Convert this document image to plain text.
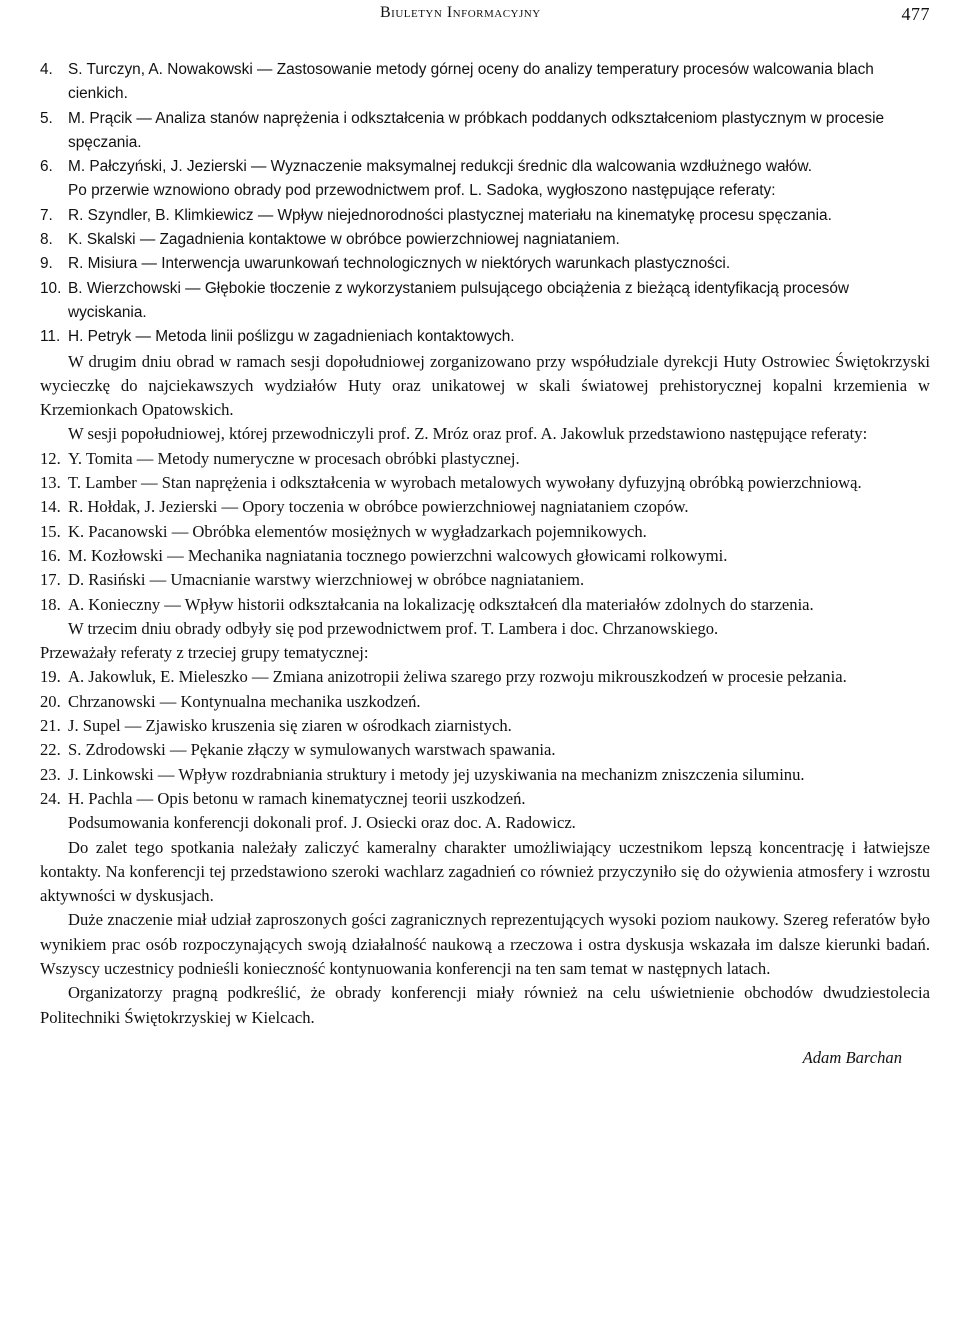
Biuletyn Informacyjny	477
4. S. Turczyn, A. Nowakowski — Zastosowanie metody górnej oceny do analizy temperatury procesów walcowania blach cienkich.
5. M. Prącik — Analiza stanów naprężenia i odkształcenia w próbkach poddanych odkształceniom plastycznym w procesie spęczania.
6. M. Pałczyński, J. Jezierski — Wyznaczenie maksymalnej redukcji średnic dla walcowania wzdłużnego wałów.
Po przerwie wznowiono obrady pod przewodnictwem prof. L. Sadoka, wygłoszono następujące referaty:
7. R. Szyndler, B. Klimkiewicz — Wpływ niejednorodności plastycznej materiału na kinematykę procesu spęczania.
8. K. Skalski — Zagadnienia kontaktowe w obróbce powierzchniowej nagniataniem.
9. R. Misiura — Interwencja uwarunkowań technologicznych w niektórych warunkach plastyczności.
10. B. Wierzchowski — Głębokie tłoczenie z wykorzystaniem pulsującego obciążenia z bieżącą identyfikacją procesów wyciskania.
11. H. Petryk — Metoda linii poślizgu w zagadnieniach kontaktowych.
W drugim dniu obrad w ramach sesji dopołudniowej zorganizowano przy współudziale dyrekcji Huty Ostrowiec Świętokrzyski wycieczkę do najciekawszych wydziałów Huty oraz unikatowej w skali światowej prehistorycznej kopalni krzemienia w Krzemionkach Opatowskich.
W sesji popołudniowej, której przewodniczyli prof. Z. Mróz oraz prof. A. Jakowluk przedstawiono następujące referaty:
12. Y. Tomita — Metody numeryczne w procesach obróbki plastycznej.
13. T. Lamber — Stan naprężenia i odkształcenia w wyrobach metalowych wywołany dyfuzyjną obróbką powierzchniową.
14. R. Hołdak, J. Jezierski — Opory toczenia w obróbce powierzchniowej nagniataniem czopów.
15. K. Pacanowski — Obróbka elementów mosiężnych w wygładzarkach pojemnikowych.
16. M. Kozłowski — Mechanika nagniatania tocznego powierzchni walcowych głowicami rolkowymi.
17. D. Rasiński — Umacnianie warstwy wierzchniowej w obróbce nagniataniem.
18. A. Konieczny — Wpływ historii odkształcania na lokalizację odkształceń dla materiałów zdolnych do starzenia.
W trzecim dniu obrady odbyły się pod przewodnictwem prof. T. Lambera i doc. Chrzanowskiego.
Przeważały referaty z trzeciej grupy tematycznej:
19. A. Jakowluk, E. Mieleszko — Zmiana anizotropii żeliwa szarego przy rozwoju mikrouszkodzeń w procesie pełzania.
20. Chrzanowski — Kontynualna mechanika uszkodzeń.
21. J. Supel — Zjawisko kruszenia się ziaren w ośrodkach ziarnistych.
22. S. Zdrodowski — Pękanie złączy w symulowanych warstwach spawania.
23. J. Linkowski — Wpływ rozdrabniania struktury i metody jej uzyskiwania na mechanizm zniszczenia siluminu.
24. H. Pachla — Opis betonu w ramach kinematycznej teorii uszkodzeń.
Podsumowania konferencji dokonali prof. J. Osiecki oraz doc. A. Radowicz.
Do zalet tego spotkania należały zaliczyć kameralny charakter umożliwiający uczestnikom lepszą koncentrację i łatwiejsze kontakty. Na konferencji tej przedstawiono szeroki wachlarz zagadnień co również przyczyniło się do ożywienia atmosfery i wzrostu aktywności w dyskusjach.
Duże znaczenie miał udział zaproszonych gości zagranicznych reprezentujących wysoki poziom naukowy. Szereg referatów było wynikiem prac osób rozpoczynających swoją działalność naukową a rzeczowa i ostra dyskusja wskazała im dalsze kierunki badań. Wszyscy uczestnicy podnieśli konieczność kontynuowania konferencji na ten sam temat w następnych latach.
Organizatorzy pragną podkreślić, że obrady konferencji miały również na celu uświetnienie obchodów dwudziestolecia Politechniki Świętokrzyskiej w Kielcach.
Adam Barchan
